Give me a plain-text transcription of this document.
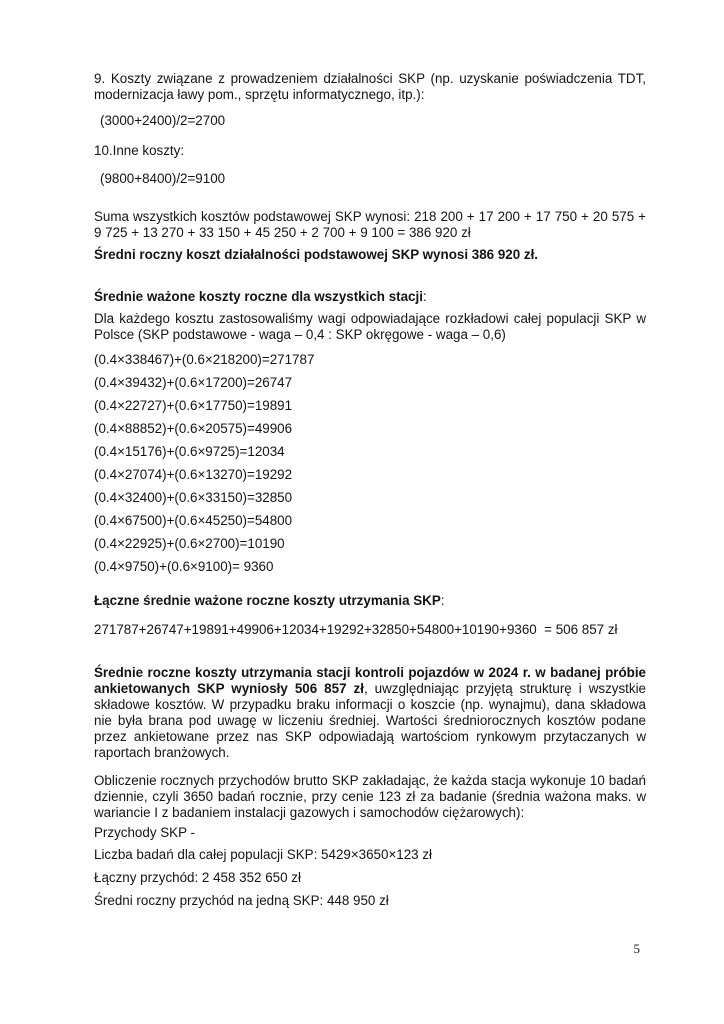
9. Koszty związane z prowadzeniem działalności SKP (np. uzyskanie poświadczenia TDT, modernizacja ławy pom., sprzętu informatycznego, itp.):

(3000+2400)/2=2700

10.Inne koszty:

(9800+8400)/2=9100

Suma wszystkich kosztów podstawowej SKP wynosi: 218 200 + 17 200 + 17 750 + 20 575 + 9 725 + 13 270 + 33 150 + 45 250 + 2 700 + 9 100 = 386 920 zł

Średni roczny koszt działalności podstawowej SKP wynosi 386 920 zł.

Średnie ważone koszty roczne dla wszystkich stacji:

Dla każdego kosztu zastosowaliśmy wagi odpowiadające rozkładowi całej populacji SKP w Polsce (SKP podstawowe - waga – 0,4 : SKP okręgowe - waga – 0,6)

(0.4×338467)+(0.6×218200)=271787

(0.4×39432)+(0.6×17200)=26747

(0.4×22727)+(0.6×17750)=19891

(0.4×88852)+(0.6×20575)=49906

(0.4×15176)+(0.6×9725)=12034

(0.4×27074)+(0.6×13270)=19292

(0.4×32400)+(0.6×33150)=32850

(0.4×67500)+(0.6×45250)=54800

(0.4×22925)+(0.6×2700)=10190

(0.4×9750)+(0.6×9100)= 9360

Łączne średnie ważone roczne koszty utrzymania SKP:

271787+26747+19891+49906+12034+19292+32850+54800+10190+9360  = 506 857 zł

Średnie roczne koszty utrzymania stacji kontroli pojazdów w 2024 r. w badanej próbie ankietowanych SKP wyniosły 506 857 zł, uwzględniając przyjętą strukturę i wszystkie składowe kosztów. W przypadku braku informacji o koszcie (np. wynajmu), dana składowa nie była brana pod uwagę w liczeniu średniej. Wartości średniorocznych kosztów podane przez ankietowane przez nas SKP odpowiadają wartościom rynkowym przytaczanych w raportach branżowych.

Obliczenie rocznych przychodów brutto SKP zakładając, że każda stacja wykonuje 10 badań dziennie, czyli 3650 badań rocznie, przy cenie 123 zł za badanie (średnia ważona maks. w wariancie I z badaniem instalacji gazowych i samochodów ciężarowych):

Przychody SKP -

Liczba badań dla całej populacji SKP: 5429×3650×123 zł

Łączny przychód: 2 458 352 650 zł

Średni roczny przychód na jedną SKP: 448 950 zł

5
